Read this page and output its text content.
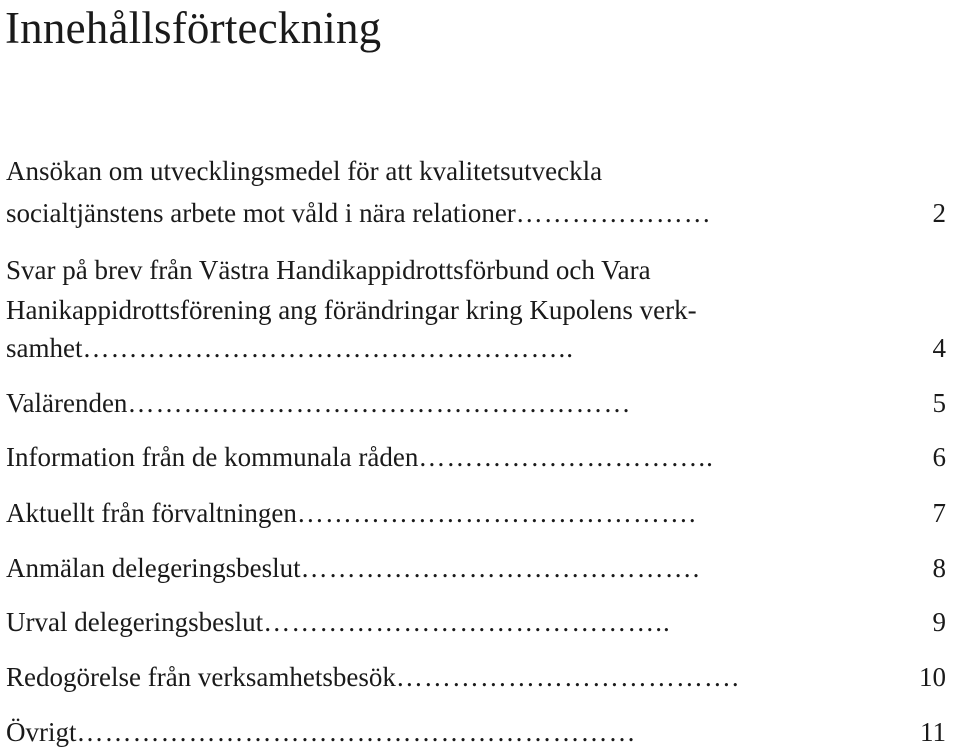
Innehållsförteckning
Ansökan om utvecklingsmedel för att kvalitetsutveckla
socialtjänstens arbete mot våld i nära relationer…………………	2
Svar på brev från Västra Handikappidrottsförbund och Vara
Hanikappidrottsförening ang förändringar kring Kupolens verk-
samhet……………………………………………..	4
Valärenden………………………………………………	5
Information från de kommunala råden…………………………..	6
Aktuellt från förvaltningen…………………………………….	7
Anmälan delegeringsbeslut…………………………………….	8
Urval delegeringsbeslut……………………………………..	9
Redogörelse från verksamhetsbesök……………………………….	10
Övrigt……………………………………………………	11
